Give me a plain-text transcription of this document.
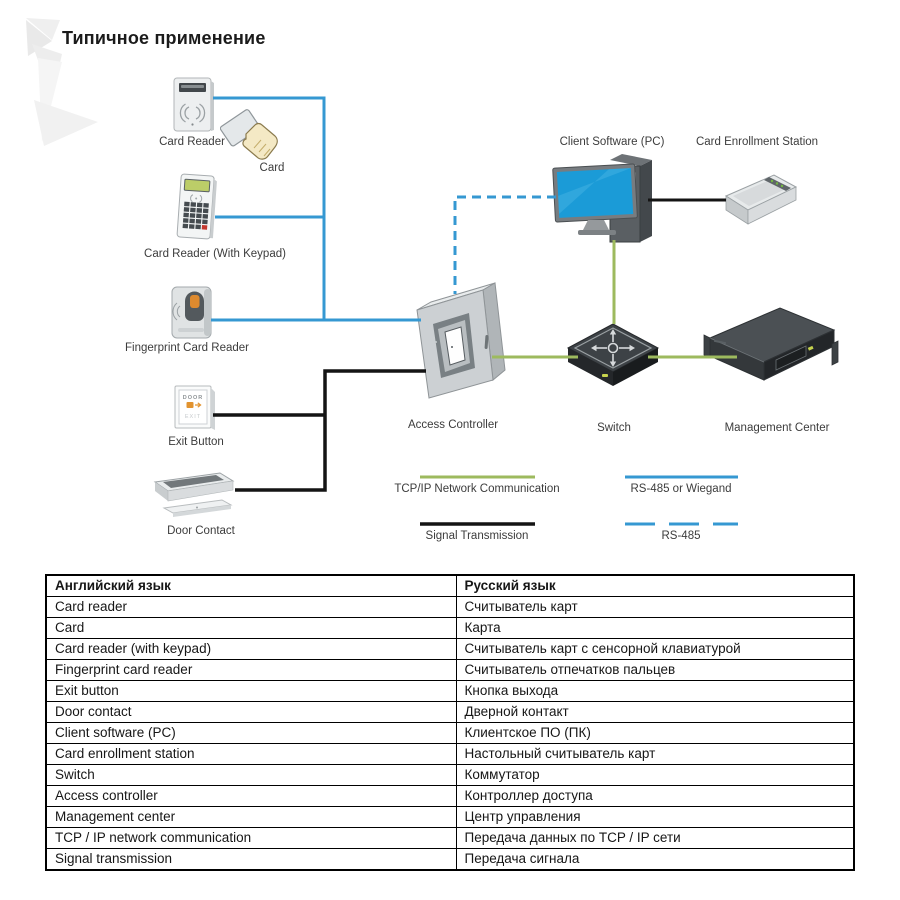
Типичное применение
DOOR
EXIT
Card Reader
Card
Card Reader (With Keypad)
Fingerprint Card Reader
Exit Button
Door Contact
Access Controller
Client Software (PC)	Card Enrollment Station
Switch	Management Center
TCP/IP Network Communication	RS-485 or Wiegand
Signal Transmission	RS-485
Английский язык	Русский язык
Card reader	Считыватель карт
Card	Карта
Card reader (with keypad)	Считыватель карт с сенсорной клавиатурой
Fingerprint card reader	Считыватель отпечатков пальцев
Exit button	Кнопка выхода
Door contact	Дверной контакт
Client software (PC)	Клиентское ПО (ПК)
Card enrollment station	Настольный считыватель карт
Switch	Коммутатор
Access controller	Контроллер доступа
Management center	Центр управления
TCP / IP network communication	Передача данных по TCP / IP сети
Signal transmission	Передача сигнала
